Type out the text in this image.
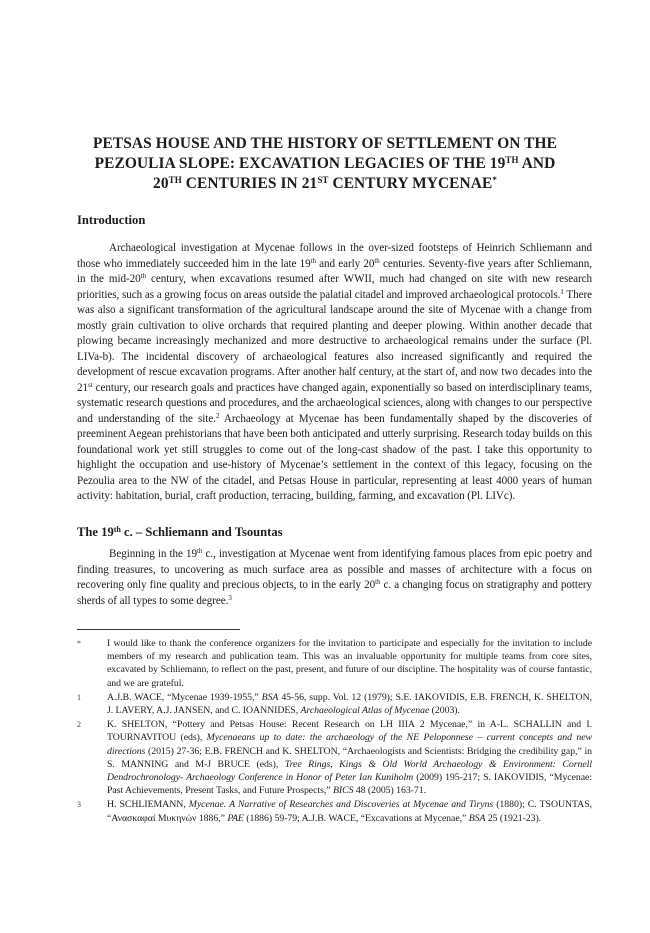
PETSAS HOUSE AND THE HISTORY OF SETTLEMENT ON THE
PEZOULIA SLOPE: EXCAVATION LEGACIES OF THE 19TH AND
20TH CENTURIES IN 21ST CENTURY MYCENAE*
Introduction
Archaeological investigation at Mycenae follows in the over-sized footsteps of Heinrich Schliemann and those who immediately succeeded him in the late 19th and early 20th centuries. Seventy-five years after Schliemann, in the mid-20th century, when excavations resumed after WWII, much had changed on site with new research priorities, such as a growing focus on areas outside the palatial citadel and improved archaeological protocols.$^1$ There was also a significant transformation of the agricultural landscape around the site of Mycenae with a change from mostly grain cultivation to olive orchards that required planting and deeper plowing. Within another decade that plowing became increasingly mechanized and more destructive to archaeological remains under the surface (Pl. LIVa-b). The incidental discovery of archaeological features also increased significantly and required the development of rescue excavation programs. After another half century, at the start of, and now two decades into the 21st century, our research goals and practices have changed again, exponentially so based on interdisciplinary teams, systematic research questions and procedures, and the archaeological sciences, along with changes to our perspective and understanding of the site.$^2$ Archaeology at Mycenae has been fundamentally shaped by the discoveries of preeminent Aegean prehistorians that have been both anticipated and utterly surprising. Research today builds on this foundational work yet still struggles to come out of the long-cast shadow of the past. I take this opportunity to highlight the occupation and use-history of Mycenae’s settlement in the context of this legacy, focusing on the Pezoulia area to the NW of the citadel, and Petsas House in particular, representing at least 4000 years of human activity: habitation, burial, craft production, terracing, building, farming, and excavation (Pl. LIVc).
The 19th c. – Schliemann and Tsountas
Beginning in the 19th c., investigation at Mycenae went from identifying famous places from epic poetry and finding treasures, to uncovering as much surface area as possible and masses of architecture with a focus on recovering only fine quality and precious objects, to in the early 20th c. a changing focus on stratigraphy and pottery sherds of all types to some degree.$^3$
*	I would like to thank the conference organizers for the invitation to participate and especially for the invitation to include members of my research and publication team. This was an invaluable opportunity for multiple teams from core sites, excavated by Schliemann, to reflect on the past, present, and future of our discipline. The hospitality was of course fantastic, and we are grateful.
1	A.J.B. WACE, “Mycenae 1939-1955,” BSA 45-56, supp. Vol. 12 (1979); S.E. IAKOVIDIS, E.B. FRENCH, K. SHELTON, J. LAVERY, A.J. JANSEN, and C. IOANNIDES, Archaeological Atlas of Mycenae (2003).
2	K. SHELTON, “Pottery and Petsas House: Recent Research on LH IIIA 2 Mycenae,” in A-L. SCHALLIN and I. TOURNAVITOU (eds), Mycenaeans up to date: the archaeology of the NE Peloponnese – current concepts and new directions (2015) 27-36; E.B. FRENCH and K. SHELTON, “Archaeologists and Scientists: Bridging the credibility gap,” in S. MANNING and M-J BRUCE (eds), Tree Rings, Kings & Old World Archaeology & Environment: Cornell Dendrochronology- Archaeology Conference in Honor of Peter Ian Kuniholm (2009) 195-217; S. IAKOVIDIS, “Mycenae: Past Achievements, Present Tasks, and Future Prospects,” BICS 48 (2005) 163-71.
3	H. SCHLIEMANN, Mycenae. A Narrative of Researches and Discoveries at Mycenae and Tiryns (1880); C. TSOUNTAS, “Ανασκαφαί Μυκηνών 1886,” PAE (1886) 59-79; A.J.B. WACE, “Excavations at Mycenae,” BSA 25 (1921-23).
